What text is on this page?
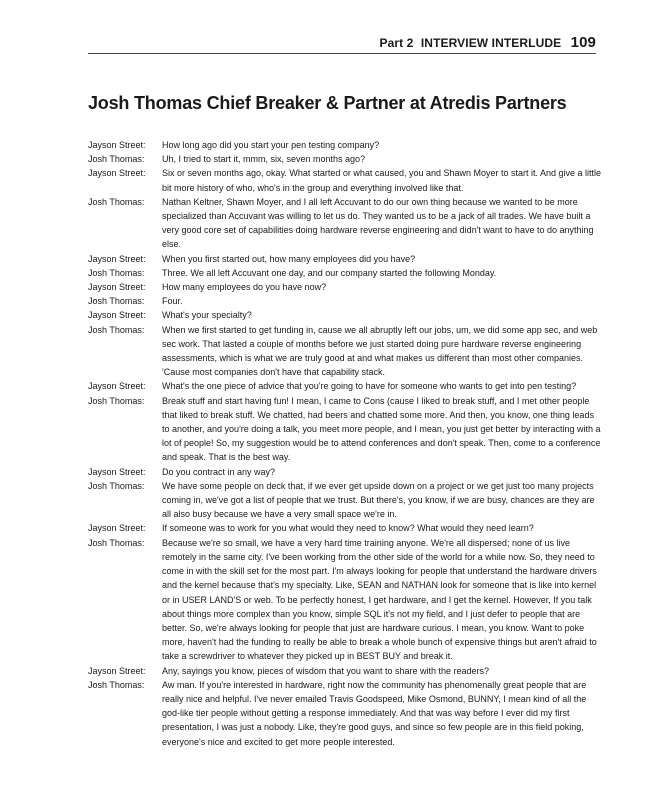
Part 2 INTERVIEW INTERLUDE 109
Josh Thomas Chief Breaker & Partner at Atredis Partners
Jayson Street:	How long ago did you start your pen testing company?
Josh Thomas:	Uh, I tried to start it, mmm, six, seven months ago?
Jayson Street:	Six or seven months ago, okay. What started or what caused, you and Shawn Moyer to start it. And give a little bit more history of who, who's in the group and everything involved like that.
Josh Thomas:	Nathan Keltner, Shawn Moyer, and I all left Accuvant to do our own thing because we wanted to be more specialized than Accuvant was willing to let us do. They wanted us to be a jack of all trades. We have built a very good core set of capabilities doing hardware reverse engineering and didn't want to have to do anything else.
Jayson Street:	When you first started out, how many employees did you have?
Josh Thomas:	Three. We all left Accuvant one day, and our company started the following Monday.
Jayson Street:	How many employees do you have now?
Josh Thomas:	Four.
Jayson Street:	What's your specialty?
Josh Thomas:	When we first started to get funding in, cause we all abruptly left our jobs, um, we did some app sec, and web sec work. That lasted a couple of months before we just started doing pure hardware reverse engineering assessments, which is what we are truly good at and what makes us different than most other companies. 'Cause most companies don't have that capability stack.
Jayson Street:	What's the one piece of advice that you're going to have for someone who wants to get into pen testing?
Josh Thomas:	Break stuff and start having fun! I mean, I came to Cons (cause I liked to break stuff, and I met other people that liked to break stuff. We chatted, had beers and chatted some more. And then, you know, one thing leads to another, and you're doing a talk, you meet more people, and I mean, you just get better by interacting with a lot of people! So, my suggestion would be to attend conferences and don't speak. Then, come to a conference and speak. That is the best way.
Jayson Street:	Do you contract in any way?
Josh Thomas:	We have some people on deck that, if we ever get upside down on a project or we get just too many projects coming in, we've got a list of people that we trust. But there's, you know, if we are busy, chances are they are all also busy because we have a very small space we're in.
Jayson Street:	If someone was to work for you what would they need to know? What would they need learn?
Josh Thomas:	Because we're so small, we have a very hard time training anyone. We're all dispersed; none of us live remotely in the same city. I've been working from the other side of the world for a while now. So, they need to come in with the skill set for the most part. I'm always looking for people that understand the hardware drivers and the kernel because that's my specialty. Like, SEAN and NATHAN look for someone that is like into kernel or in USER LAND'S or web. To be perfectly honest, I get hardware, and I get the kernel. However, If you talk about things more complex than you know, simple SQL it's not my field, and I just defer to people that are better. So, we're always looking for people that just are hardware curious. I mean, you know. Want to poke more, haven't had the funding to really be able to break a whole bunch of expensive things but aren't afraid to take a screwdriver to whatever they picked up in BEST BUY and break it.
Jayson Street:	Any, sayings you know, pieces of wisdom that you want to share with the readers?
Josh Thomas:	Aw man. If you're interested in hardware, right now the community has phenomenally great people that are really nice and helpful. I've never emailed Travis Goodspeed, Mike Osmond, BUNNY, I mean kind of all the god-like tier people without getting a response immediately. And that was way before I ever did my first presentation, I was just a nobody. Like, they're good guys, and since so few people are in this field poking, everyone's nice and excited to get more people interested.
